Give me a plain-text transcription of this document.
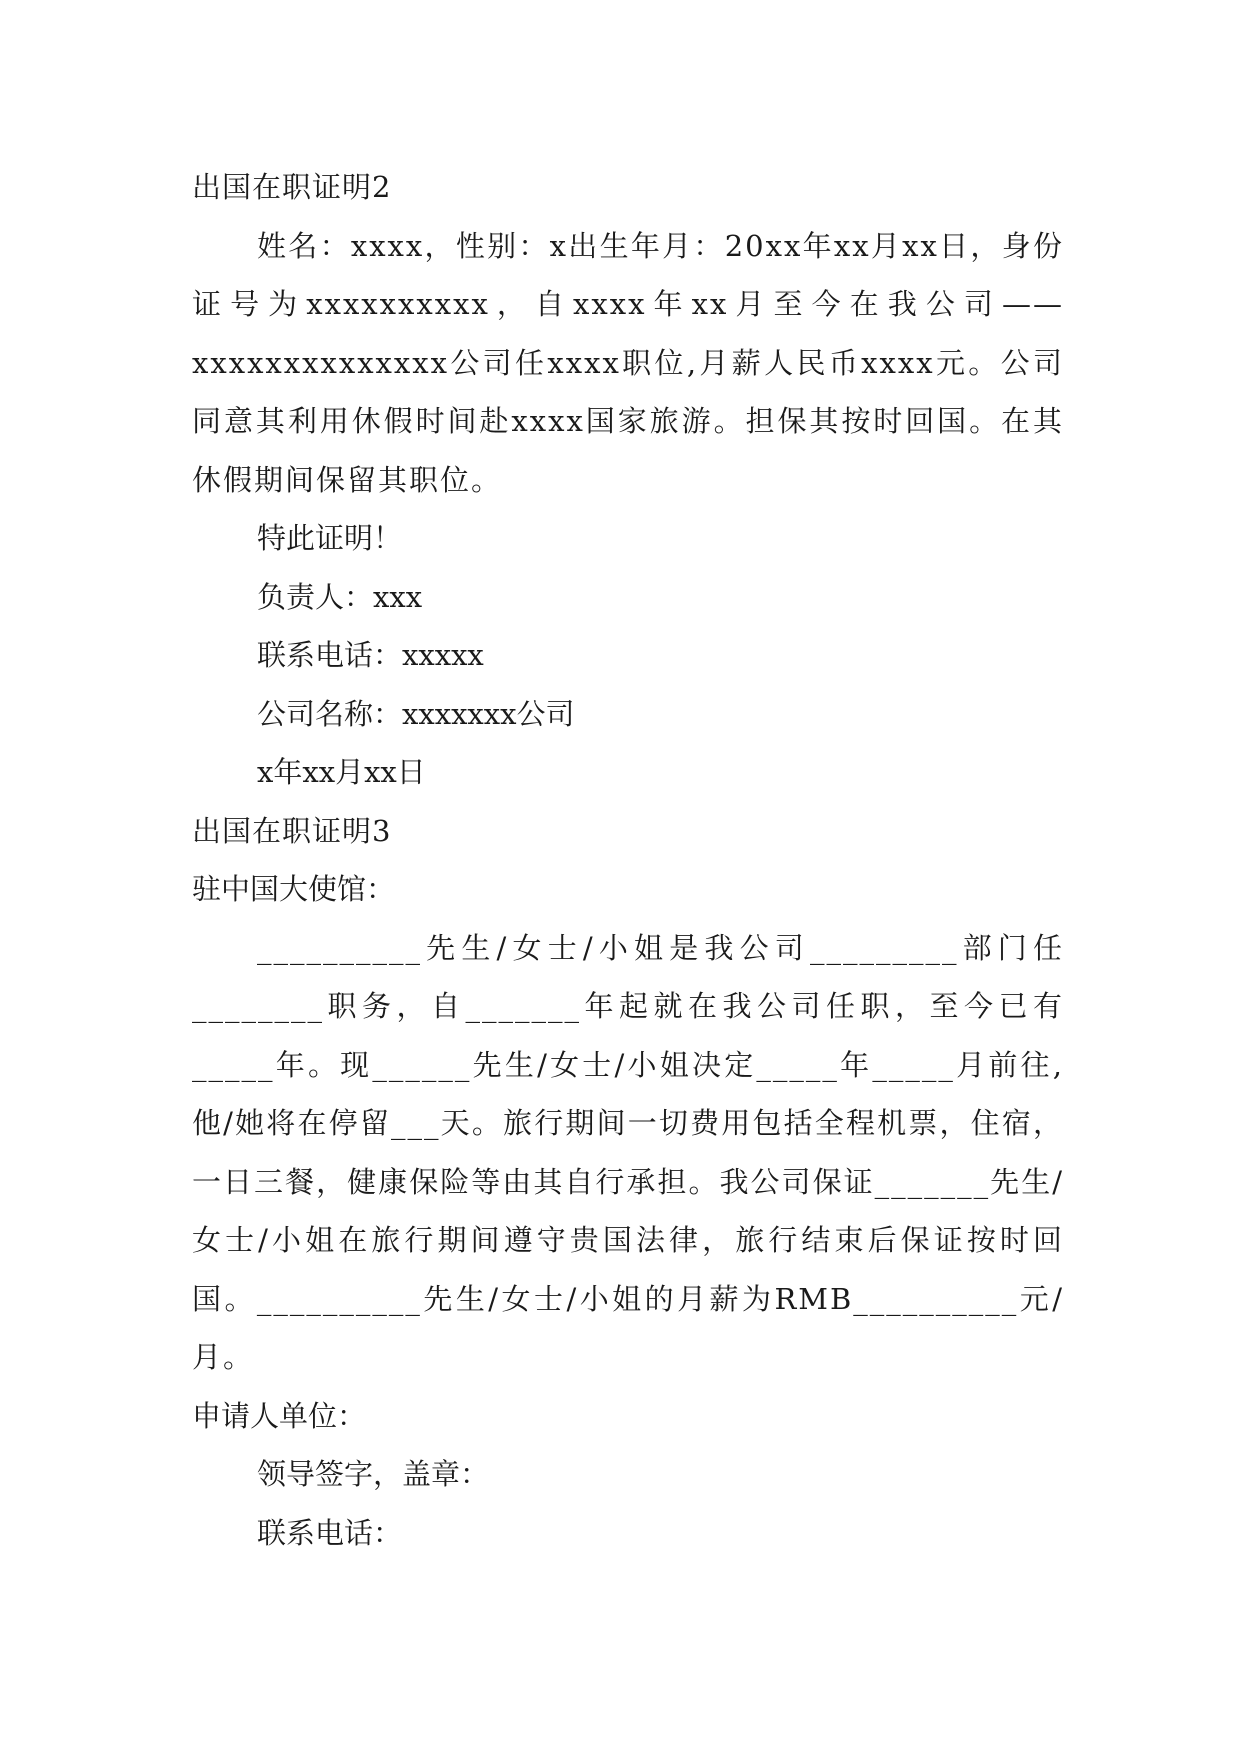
出国在职证明2

姓名：xxxx，性别：x出生年月：20xx年xx月xx日，身份证号为xxxxxxxxxx，自xxxx年xx月至今在我公司——xxxxxxxxxxxxxx公司任xxxx职位,月薪人民币xxxx元。公司同意其利用休假时间赴xxxx国家旅游。担保其按时回国。在其休假期间保留其职位。

特此证明！

负责人：xxx

联系电话：xxxxx

公司名称：xxxxxxx公司

x年xx月xx日

出国在职证明3

驻中国大使馆：

__________先生/女士/小姐是我公司_________部门任________职务，自_______年起就在我公司任职，至今已有_____年。现______先生/女士/小姐决定_____年_____月前往,他/她将在停留___天。旅行期间一切费用包括全程机票，住宿，一日三餐，健康保险等由其自行承担。我公司保证_______先生/女士/小姐在旅行期间遵守贵国法律，旅行结束后保证按时回国。__________先生/女士/小姐的月薪为RMB__________元/月。

申请人单位：

领导签字，盖章：

联系电话：
